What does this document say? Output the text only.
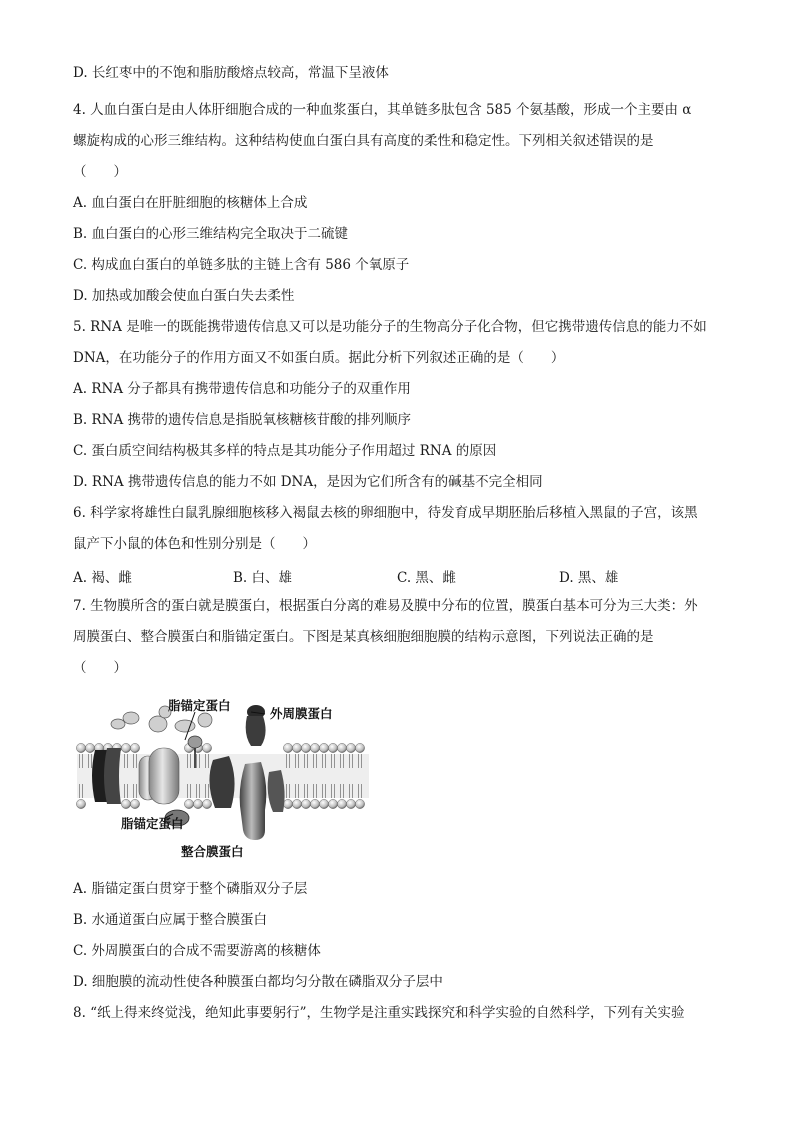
D. 长红枣中的不饱和脂肪酸熔点较高，常温下呈液体
4. 人血白蛋白是由人体肝细胞合成的一种血浆蛋白，其单链多肽包含 585 个氨基酸，形成一个主要由 α
螺旋构成的心形三维结构。这种结构使血白蛋白具有高度的柔性和稳定性。下列相关叙述错误的是
（　　）
A. 血白蛋白在肝脏细胞的核糖体上合成
B. 血白蛋白的心形三维结构完全取决于二硫键
C. 构成血白蛋白的单链多肽的主链上含有 586 个氧原子
D. 加热或加酸会使血白蛋白失去柔性
5. RNA 是唯一的既能携带遗传信息又可以是功能分子的生物高分子化合物，但它携带遗传信息的能力不如
DNA，在功能分子的作用方面又不如蛋白质。据此分析下列叙述正确的是（　　）
A. RNA 分子都具有携带遗传信息和功能分子的双重作用
B. RNA 携带的遗传信息是指脱氧核糖核苷酸的排列顺序
C. 蛋白质空间结构极其多样的特点是其功能分子作用超过 RNA 的原因
D. RNA 携带遗传信息的能力不如 DNA，是因为它们所含有的碱基不完全相同
6. 科学家将雄性白鼠乳腺细胞核移入褐鼠去核的卵细胞中，待发育成早期胚胎后移植入黑鼠的子宫，该黑
鼠产下小鼠的体色和性别分别是（　　）
A. 褐、雌	B. 白、雄	C. 黑、雌	D. 黑、雄
7. 生物膜所含的蛋白就是膜蛋白，根据蛋白分离的难易及膜中分布的位置，膜蛋白基本可分为三大类：外
周膜蛋白、整合膜蛋白和脂锚定蛋白。下图是某真核细胞细胞膜的结构示意图，下列说法正确的是
（　　）
脂锚定蛋白
外周膜蛋白
脂锚定蛋白
整合膜蛋白
A. 脂锚定蛋白贯穿于整个磷脂双分子层
B. 水通道蛋白应属于整合膜蛋白
C. 外周膜蛋白的合成不需要游离的核糖体
D. 细胞膜的流动性使各种膜蛋白都均匀分散在磷脂双分子层中
8. “纸上得来终觉浅，绝知此事要躬行”，生物学是注重实践探究和科学实验的自然科学，下列有关实验
